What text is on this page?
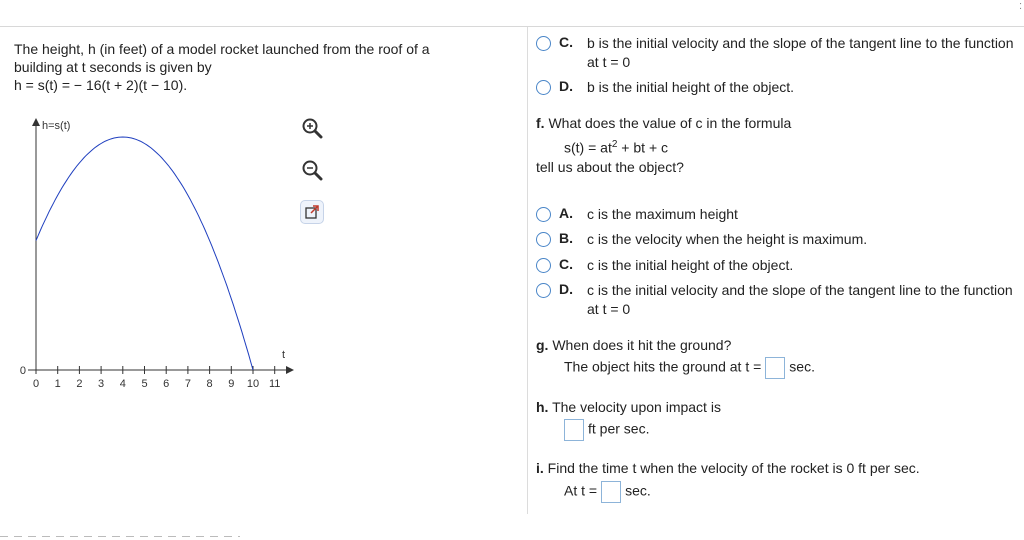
:
The height, h (in feet) of a model rocket launched from the roof of a
building at t seconds is given by
h = s(t) = − 16(t + 2)(t − 10).
h=s(t)
t
0
0 1 2 3 4 5 6 7 8 9 10 11
C.	b is the initial velocity and the slope of the tangent line to the function at t = 0
D.	b is the initial height of the object.
f. What does the value of c in the formula
$s(t) = at^2$ + bt + c
tell us about the object?
A.	c is the maximum height
B.	c is the velocity when the height is maximum.
C.	c is the initial height of the object.
D.	c is the initial velocity and the slope of the tangent line to the function at t = 0
g. When does it hit the ground?
The object hits the ground at t = sec.
h. The velocity upon impact is
ft per sec.
i. Find the time t when the velocity of the rocket is 0 ft per sec.
At t = sec.
